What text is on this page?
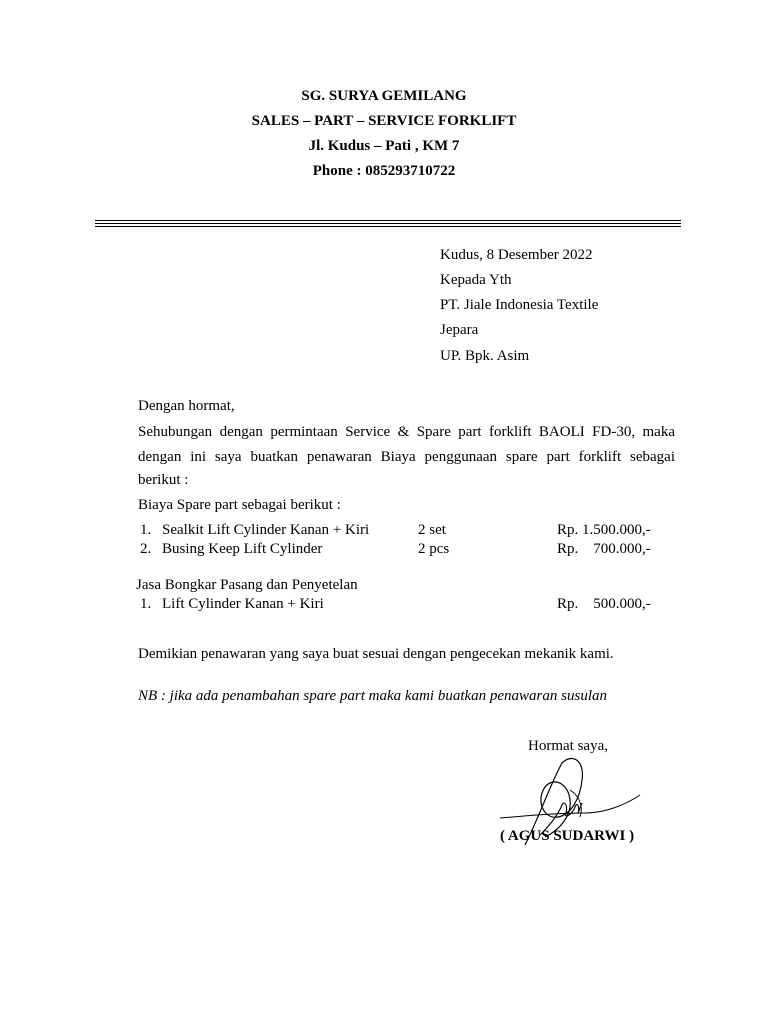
SG. SURYA GEMILANG
SALES – PART – SERVICE FORKLIFT
Jl. Kudus – Pati , KM 7
Phone : 085293710722
Kudus, 8 Desember 2022
Kepada Yth
PT. Jiale Indonesia Textile
Jepara
UP. Bpk. Asim
Dengan hormat,
Sehubungan dengan permintaan Service & Spare part forklift BAOLI FD-30, maka
dengan ini saya buatkan penawaran Biaya penggunaan spare part forklift sebagai
berikut :
Biaya Spare part sebagai berikut :
1. Sealkit Lift Cylinder Kanan + Kiri	2 set	Rp. 1.500.000,-
2. Busing Keep Lift Cylinder	2 pcs	Rp.    700.000,-
Jasa Bongkar Pasang dan Penyetelan
1. Lift Cylinder Kanan + Kiri	Rp.    500.000,-
Demikian penawaran yang saya buat sesuai dengan pengecekan mekanik kami.
NB : jika ada penambahan spare part maka kami buatkan penawaran susulan
Hormat saya,
( AGUS SUDARWI )
